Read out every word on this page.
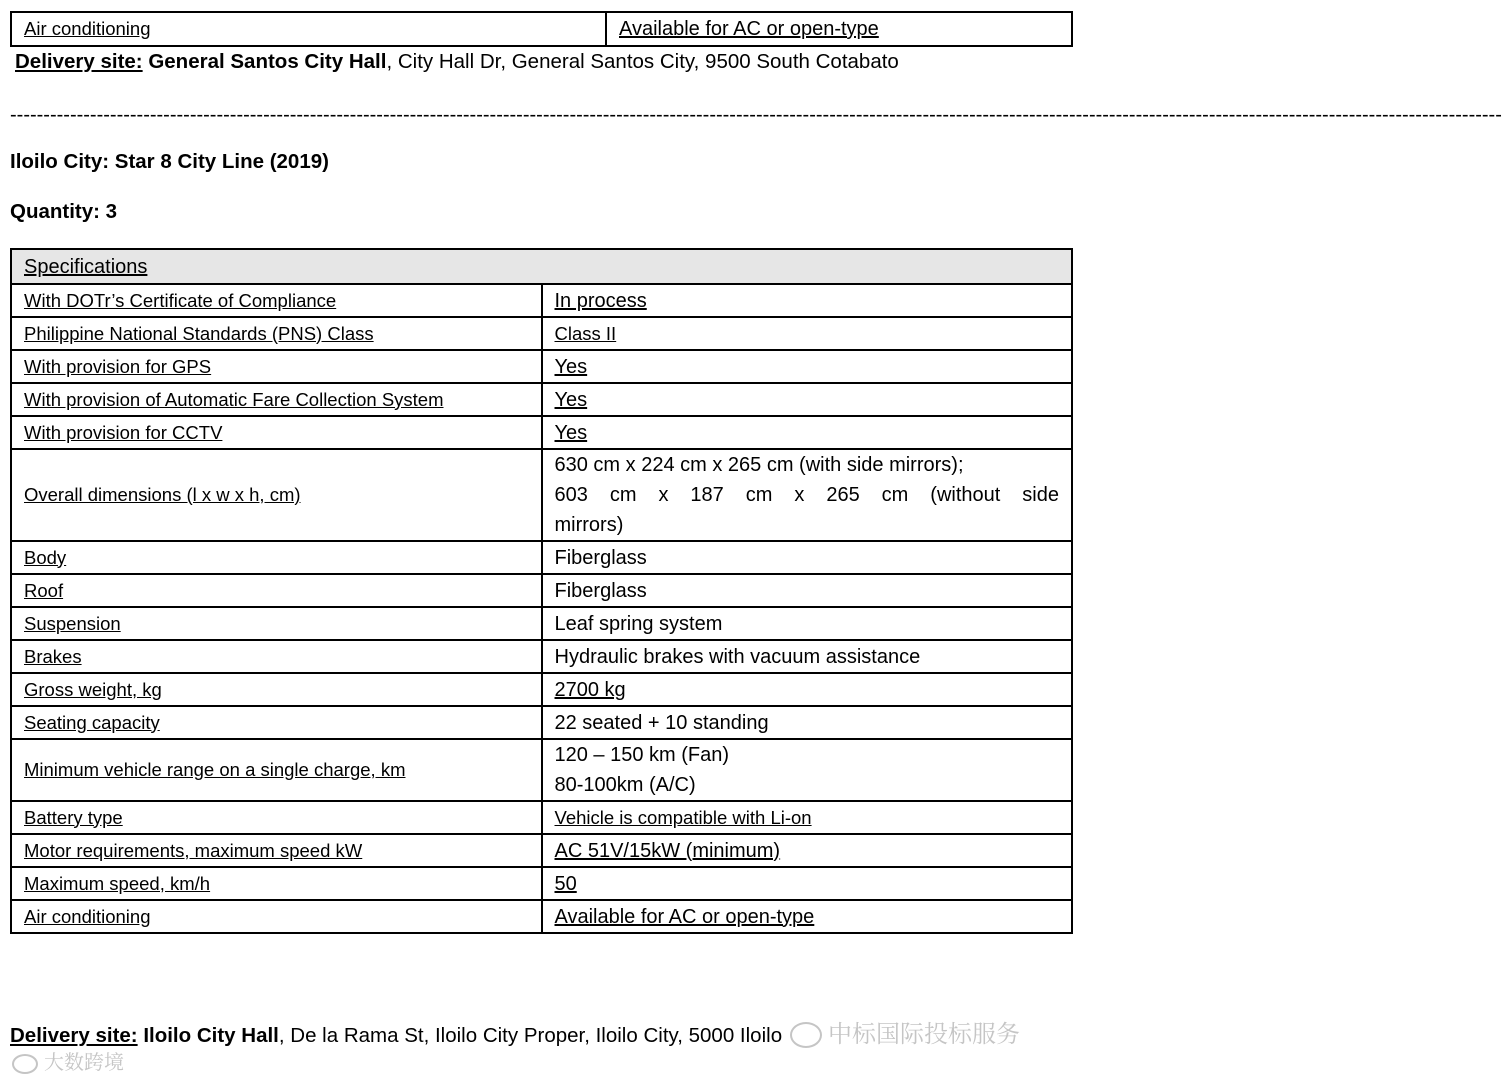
Air conditioning	Available for AC or open-type
Delivery site: General Santos City Hall, City Hall Dr, General Santos City, 9500 South Cotabato
--------------------------------------------------------------------------------------------------------------------------------------------------------------------------------------------------------------------------------
Iloilo City: Star 8 City Line (2019)
Quantity: 3
Specifications	
With DOTr’s Certificate of Compliance	In process
Philippine National Standards (PNS) Class	Class II
With provision for GPS	Yes
With provision of Automatic Fare Collection System	Yes
With provision for CCTV	Yes
Overall dimensions (l x w x h, cm)	630 cm x 224 cm x 265 cm (with side mirrors);
603 cm x 187 cm x 265 cm (without side
mirrors)

Body	Fiberglass
Roof	Fiberglass
Suspension	Leaf spring system
Brakes	Hydraulic brakes with vacuum assistance
Gross weight, kg	2700 kg
Seating capacity	22 seated + 10 standing
Minimum vehicle range on a single charge, km	120 – 150 km (Fan)
80-100km (A/C)

Battery type	Vehicle is compatible with Li-on
Motor requirements, maximum speed kW	AC 51V/15kW (minimum)
Maximum speed, km/h	50
Air conditioning	Available for AC or open-type
Delivery site: Iloilo City Hall, De la Rama St, Iloilo City Proper, Iloilo City, 5000 Iloilo	中标国际投标服务
大数跨境
